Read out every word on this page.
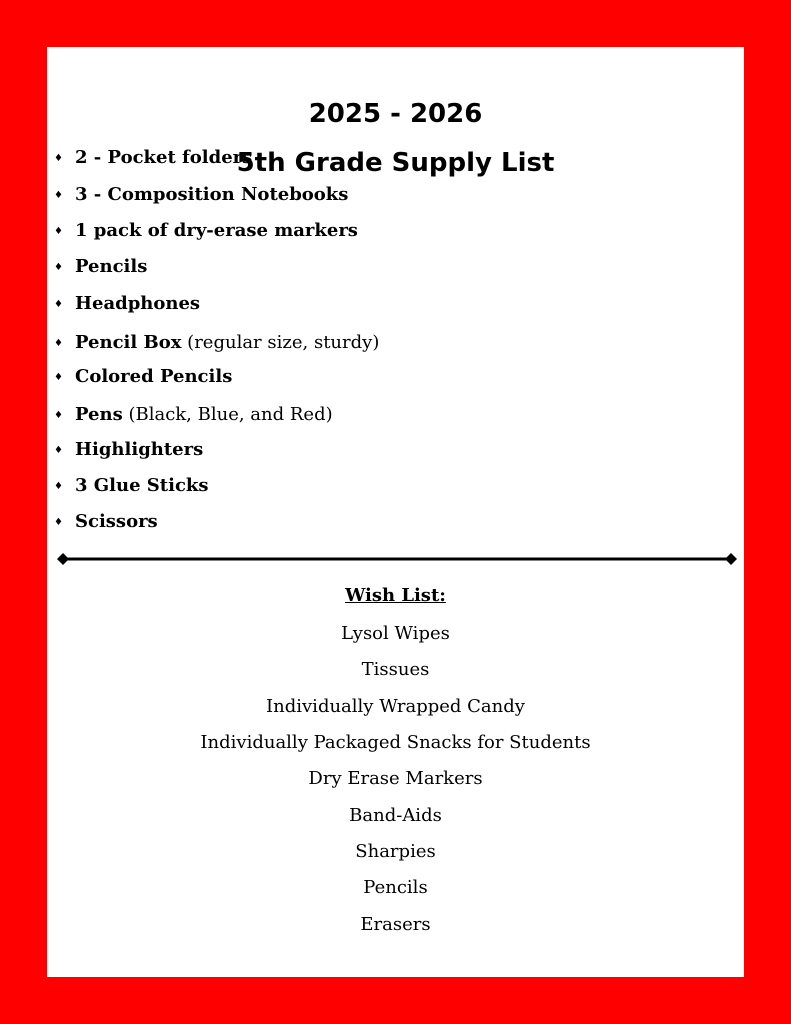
2025 - 2026
5th Grade Supply List
♦ 2 - Pocket folders
♦ 3 - Composition Notebooks
♦ 1 pack of dry-erase markers
♦ Pencils
♦ Headphones
♦ Pencil Box (regular size, sturdy)
♦ Colored Pencils
♦ Pens (Black, Blue, and Red)
♦ Highlighters
♦ 3 Glue Sticks
♦ Scissors
Wish List:
Lysol Wipes
Tissues
Individually Wrapped Candy
Individually Packaged Snacks for Students
Dry Erase Markers
Band-Aids
Sharpies
Pencils
Erasers
